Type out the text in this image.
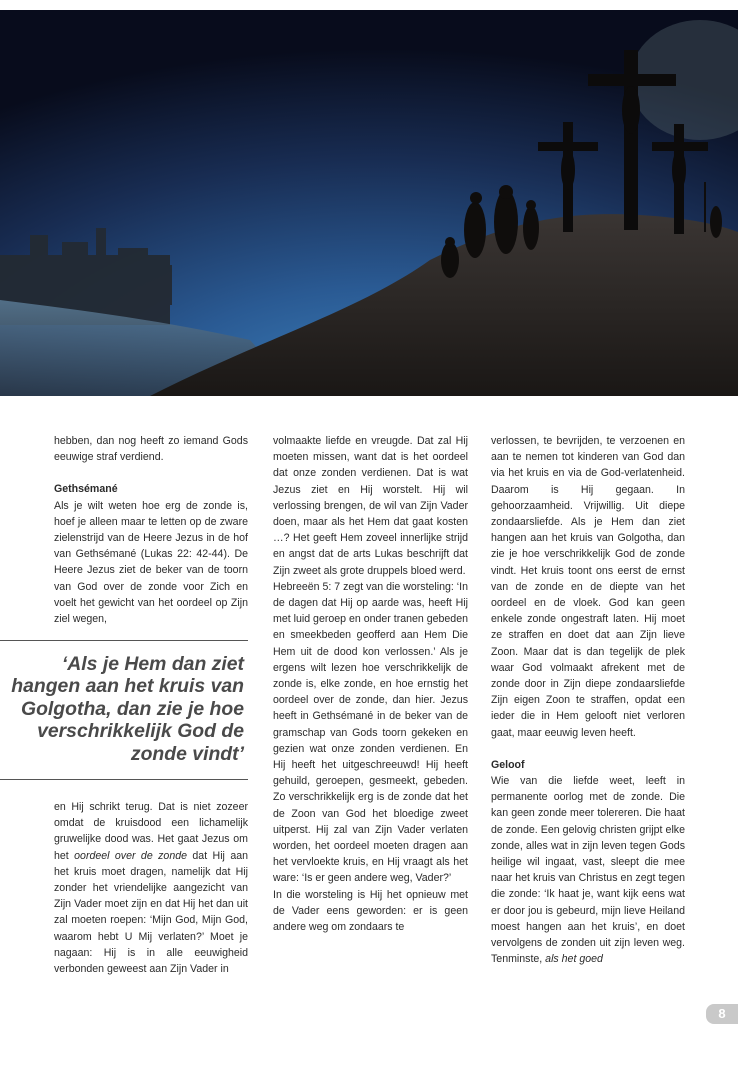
hebben, dan nog heeft zo iemand Gods eeuwige straf verdiend.

Gethsémané

Als je wilt weten hoe erg de zonde is, hoef je alleen maar te letten op de zware zielenstrijd van de Heere Jezus in de hof van Gethsémané (Lukas 22: 42-44). De Heere Jezus ziet de beker van de toorn van God over de zonde voor Zich en voelt het gewicht van het oordeel op Zijn ziel wegen,

‘Als je Hem dan ziet hangen aan het kruis van Golgotha, dan zie je hoe verschrikkelijk God de zonde vindt’

en Hij schrikt terug. Dat is niet zozeer omdat de kruisdood een lichamelijk gruwelijke dood was. Het gaat Jezus om het oordeel over de zonde dat Hij aan het kruis moet dragen, namelijk dat Hij zonder het vriendelijke aangezicht van Zijn Vader moet zijn en dat Hij het dan uit zal moeten roepen: ‘Mijn God, Mijn God, waarom hebt U Mij verlaten?’ Moet je nagaan: Hij is in alle eeuwigheid verbonden geweest aan Zijn Vader in

volmaakte liefde en vreugde. Dat zal Hij moeten missen, want dat is het oordeel dat onze zonden verdienen. Dat is wat Jezus ziet en Hij worstelt. Hij wil verlossing brengen, de wil van Zijn Vader doen, maar als het Hem dat gaat kosten …? Het geeft Hem zoveel innerlijke strijd en angst dat de arts Lukas beschrijft dat Zijn zweet als grote druppels bloed werd.

Hebreeën 5: 7 zegt van die worsteling: ‘In de dagen dat Hij op aarde was, heeft Hij met luid geroep en onder tranen gebeden en smeekbeden geofferd aan Hem Die Hem uit de dood kon verlossen.’ Als je ergens wilt lezen hoe verschrikkelijk de zonde is, elke zonde, en hoe ernstig het oordeel over de zonde, dan hier. Jezus heeft in Gethsémané in de beker van de gramschap van Gods toorn gekeken en gezien wat onze zonden verdienen. En Hij heeft het uitgeschreeuwd! Hij heeft gehuild, geroepen, gesmeekt, gebeden. Zo verschrikkelijk erg is de zonde dat het de Zoon van God het bloedige zweet uitperst. Hij zal van Zijn Vader verlaten worden, het oordeel moeten dragen aan het vervloekte kruis, en Hij vraagt als het ware: ‘Is er geen andere weg, Vader?’

In die worsteling is Hij het opnieuw met de Vader eens geworden: er is geen andere weg om zondaars te

verlossen, te bevrijden, te verzoenen en aan te nemen tot kinderen van God dan via het kruis en via de God-verlatenheid. Daarom is Hij gegaan. In gehoorzaamheid. Vrijwillig. Uit diepe zondaarsliefde. Als je Hem dan ziet hangen aan het kruis van Golgotha, dan zie je hoe verschrikkelijk God de zonde vindt. Het kruis toont ons eerst de ernst van de zonde en de diepte van het oordeel en de vloek. God kan geen enkele zonde ongestraft laten. Hij moet ze straffen en doet dat aan Zijn lieve Zoon. Maar dat is dan tegelijk de plek waar God volmaakt afrekent met de zonde door in Zijn diepe zondaarsliefde Zijn eigen Zoon te straffen, opdat een ieder die in Hem gelooft niet verloren gaat, maar eeuwig leven heeft.

Geloof

Wie van die liefde weet, leeft in permanente oorlog met de zonde. Die kan geen zonde meer tolereren. Die haat de zonde. Een gelovig christen grijpt elke zonde, alles wat in zijn leven tegen Gods heilige wil ingaat, vast, sleept die mee naar het kruis van Christus en zegt tegen die zonde: ‘Ik haat je, want kijk eens wat er door jou is gebeurd, mijn lieve Heiland moest hangen aan het kruis’, en doet vervolgens de zonden uit zijn leven weg. Tenminste, als het goed

8
